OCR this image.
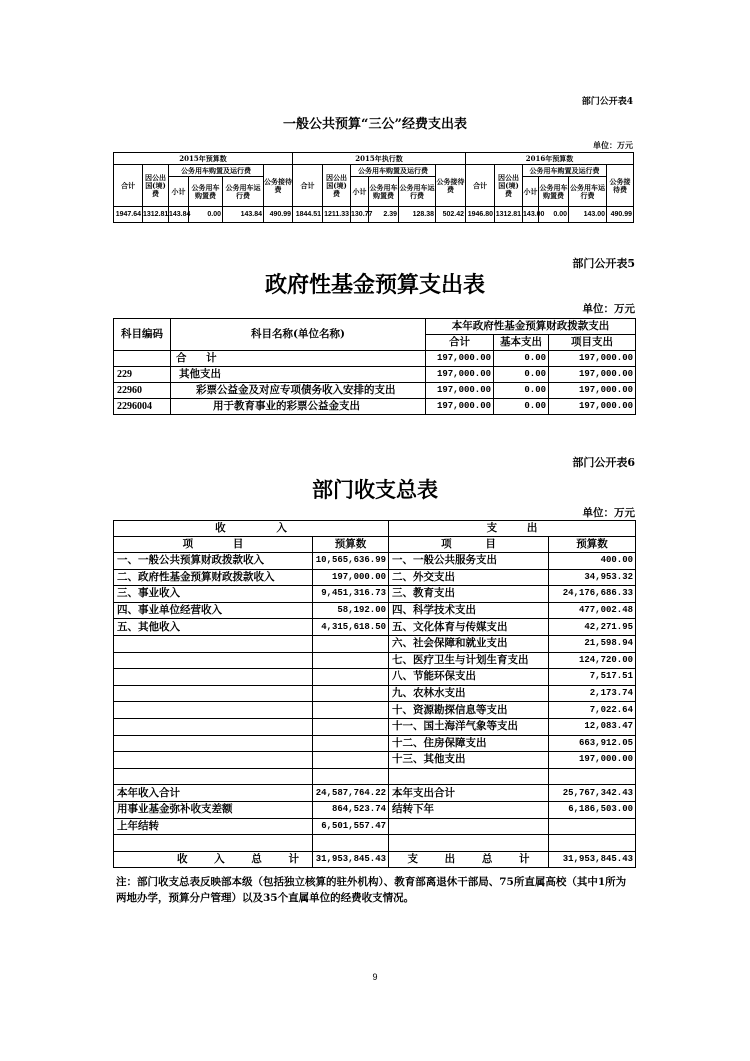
部门公开表4
一般公共预算“三公”经费支出表
单位：万元
2015年预算数						2015年执行数						2016年预算数					
合计	因公出国(境)费	公务用车购置及运行费			公务接待费	合计	因公出国(境)费	公务用车购置及运行费			公务接待费	合计	因公出国(境)费	公务用车购置及运行费			公务接待费
		小计	公务用车购置费	公务用车运行费				小计	公务用车购置费	公务用车运行费				小计	公务用车购置费	公务用车运行费	
1947.64	1312.81	143.84	0.00	143.84	490.99	1844.51	1211.33	130.77	2.39	128.38	502.42	1946.80	1312.81	143.00	0.00	143.00	490.99
部门公开表5
政府性基金预算支出表
单位：万元
科目编码	科目名称(单位名称)	本年政府性基金预算财政拨款支出		
		合计	基本支出	项目支出
	合 计	197,000.00	0.00	197,000.00
229	其他支出	197,000.00	0.00	197,000.00
22960	彩票公益金及对应专项债务收入安排的支出	197,000.00	0.00	197,000.00
2296004	用于教育事业的彩票公益金支出	197,000.00	0.00	197,000.00
部门公开表6
部门收支总表
单位：万元
收 入		支 出	
项 目	预算数	项 目	预算数
一、一般公共预算财政拨款收入	10,565,636.99	一、一般公共服务支出	400.00
二、政府性基金预算财政拨款收入	197,000.00	二、外交支出	34,953.32
三、事业收入	9,451,316.73	三、教育支出	24,176,686.33
四、事业单位经营收入	58,192.00	四、科学技术支出	477,002.48
五、其他收入	4,315,618.50	五、文化体育与传媒支出	42,271.95
		六、社会保障和就业支出	21,598.94
		七、医疗卫生与计划生育支出	124,720.00
		八、节能环保支出	7,517.51
		九、农林水支出	2,173.74
		十、资源勘探信息等支出	7,022.64
		十一、国土海洋气象等支出	12,083.47
		十二、住房保障支出	663,912.05
		十三、其他支出	197,000.00

本年收入合计	24,587,764.22	本年支出合计	25,767,342.43
用事业基金弥补收支差额	864,523.74	结转下年	6,186,503.00
上年结转	6,501,557.47		

收 入 总 计	31,953,845.43	支 出 总 计	31,953,845.43
注：部门收支总表反映部本级（包括独立核算的驻外机构）、教育部离退休干部局、75所直属高校（其中1所为
两地办学，预算分户管理）以及35个直属单位的经费收支情况。
9
